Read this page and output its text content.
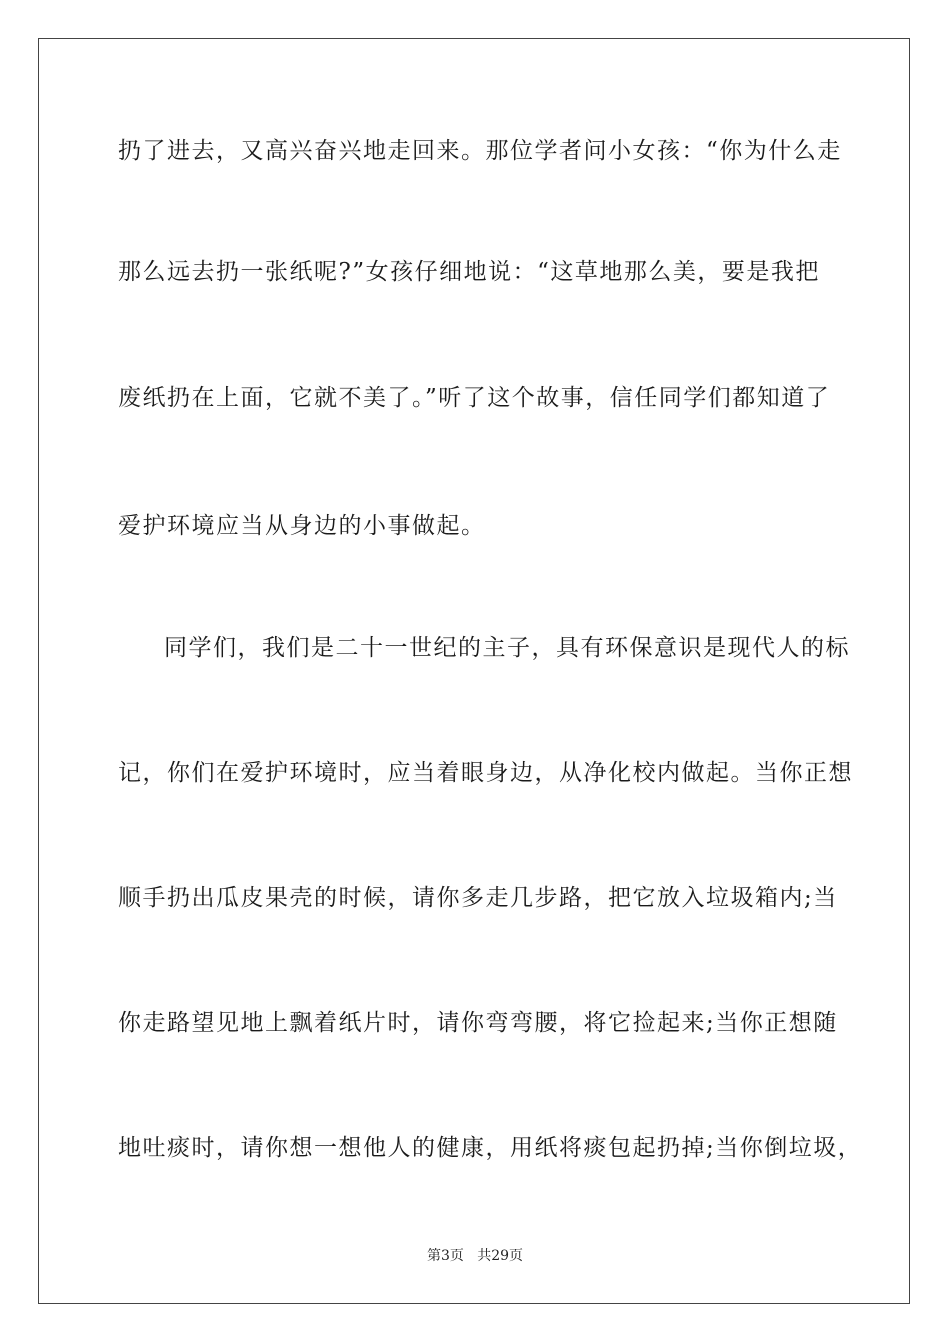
扔了进去，又高兴奋兴地走回来。那位学者问小女孩：“你为什么走
那么远去扔一张纸呢?”女孩仔细地说：“这草地那么美，要是我把
废纸扔在上面，它就不美了。”听了这个故事，信任同学们都知道了
爱护环境应当从身边的小事做起。
同学们，我们是二十一世纪的主子，具有环保意识是现代人的标
记，你们在爱护环境时，应当着眼身边，从净化校内做起。当你正想
顺手扔出瓜皮果壳的时候，请你多走几步路，把它放入垃圾箱内;当
你走路望见地上飘着纸片时，请你弯弯腰，将它捡起来;当你正想随
地吐痰时，请你想一想他人的健康，用纸将痰包起扔掉;当你倒垃圾，
第3页   共29页
